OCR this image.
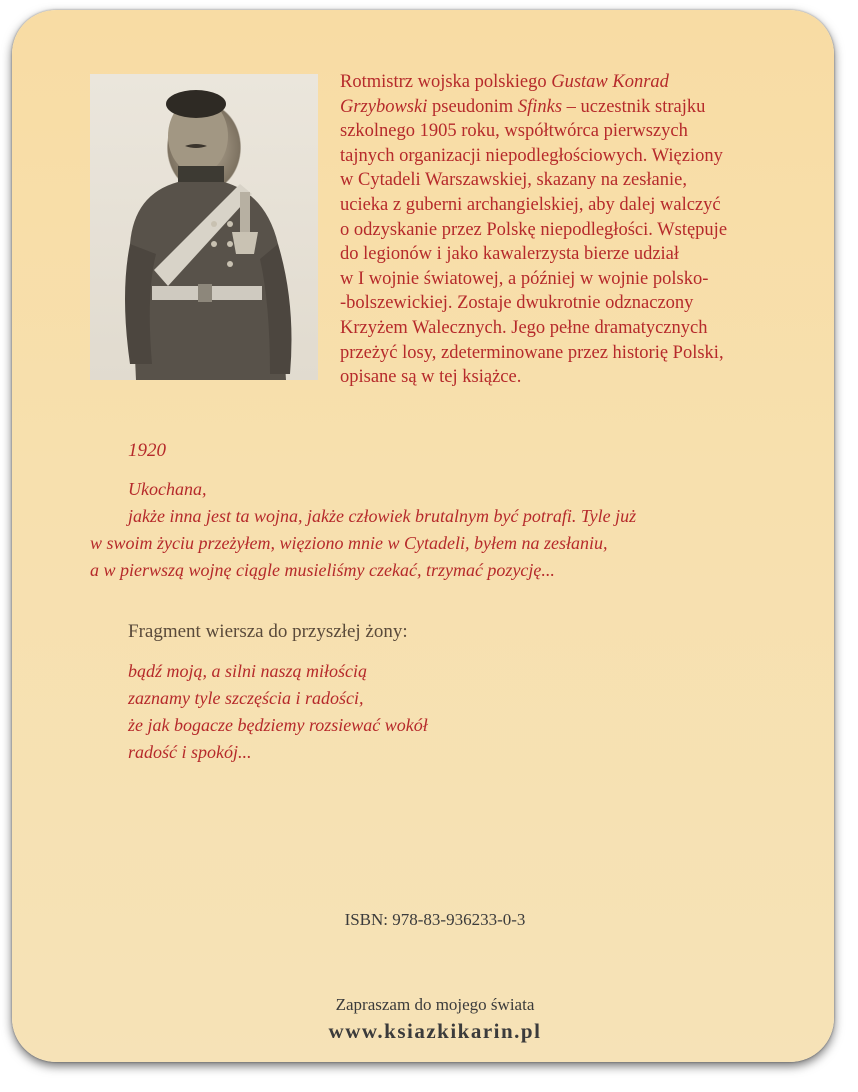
Rotmistrz wojska polskiego Gustaw Konrad
Grzybowski pseudonim Sfinks – uczestnik strajku
szkolnego 1905 roku, współtwórca pierwszych
tajnych organizacji niepodległościowych. Więziony
w Cytadeli Warszawskiej, skazany na zesłanie,
ucieka z guberni archangielskiej, aby dalej walczyć
o odzyskanie przez Polskę niepodległości. Wstępuje
do legionów i jako kawalerzysta bierze udział
w I wojnie światowej, a później w wojnie polsko-
-bolszewickiej. Zostaje dwukrotnie odznaczony
Krzyżem Walecznych. Jego pełne dramatycznych
przeżyć losy, zdeterminowane przez historię Polski,
opisane są w tej książce.

1920

Ukochana,
jakże inna jest ta wojna, jakże człowiek brutalnym być potrafi. Tyle już
w swoim życiu przeżyłem, więziono mnie w Cytadeli, byłem na zesłaniu,
a w pierwszą wojnę ciągle musieliśmy czekać, trzymać pozycję...

Fragment wiersza do przyszłej żony:

bądź moją, a silni naszą miłością
zaznamy tyle szczęścia i radości,
że jak bogacze będziemy rozsiewać wokół
radość i spokój...

ISBN: 978-83-936233-0-3

Zapraszam do mojego świata

www.ksiazkikarin.pl
